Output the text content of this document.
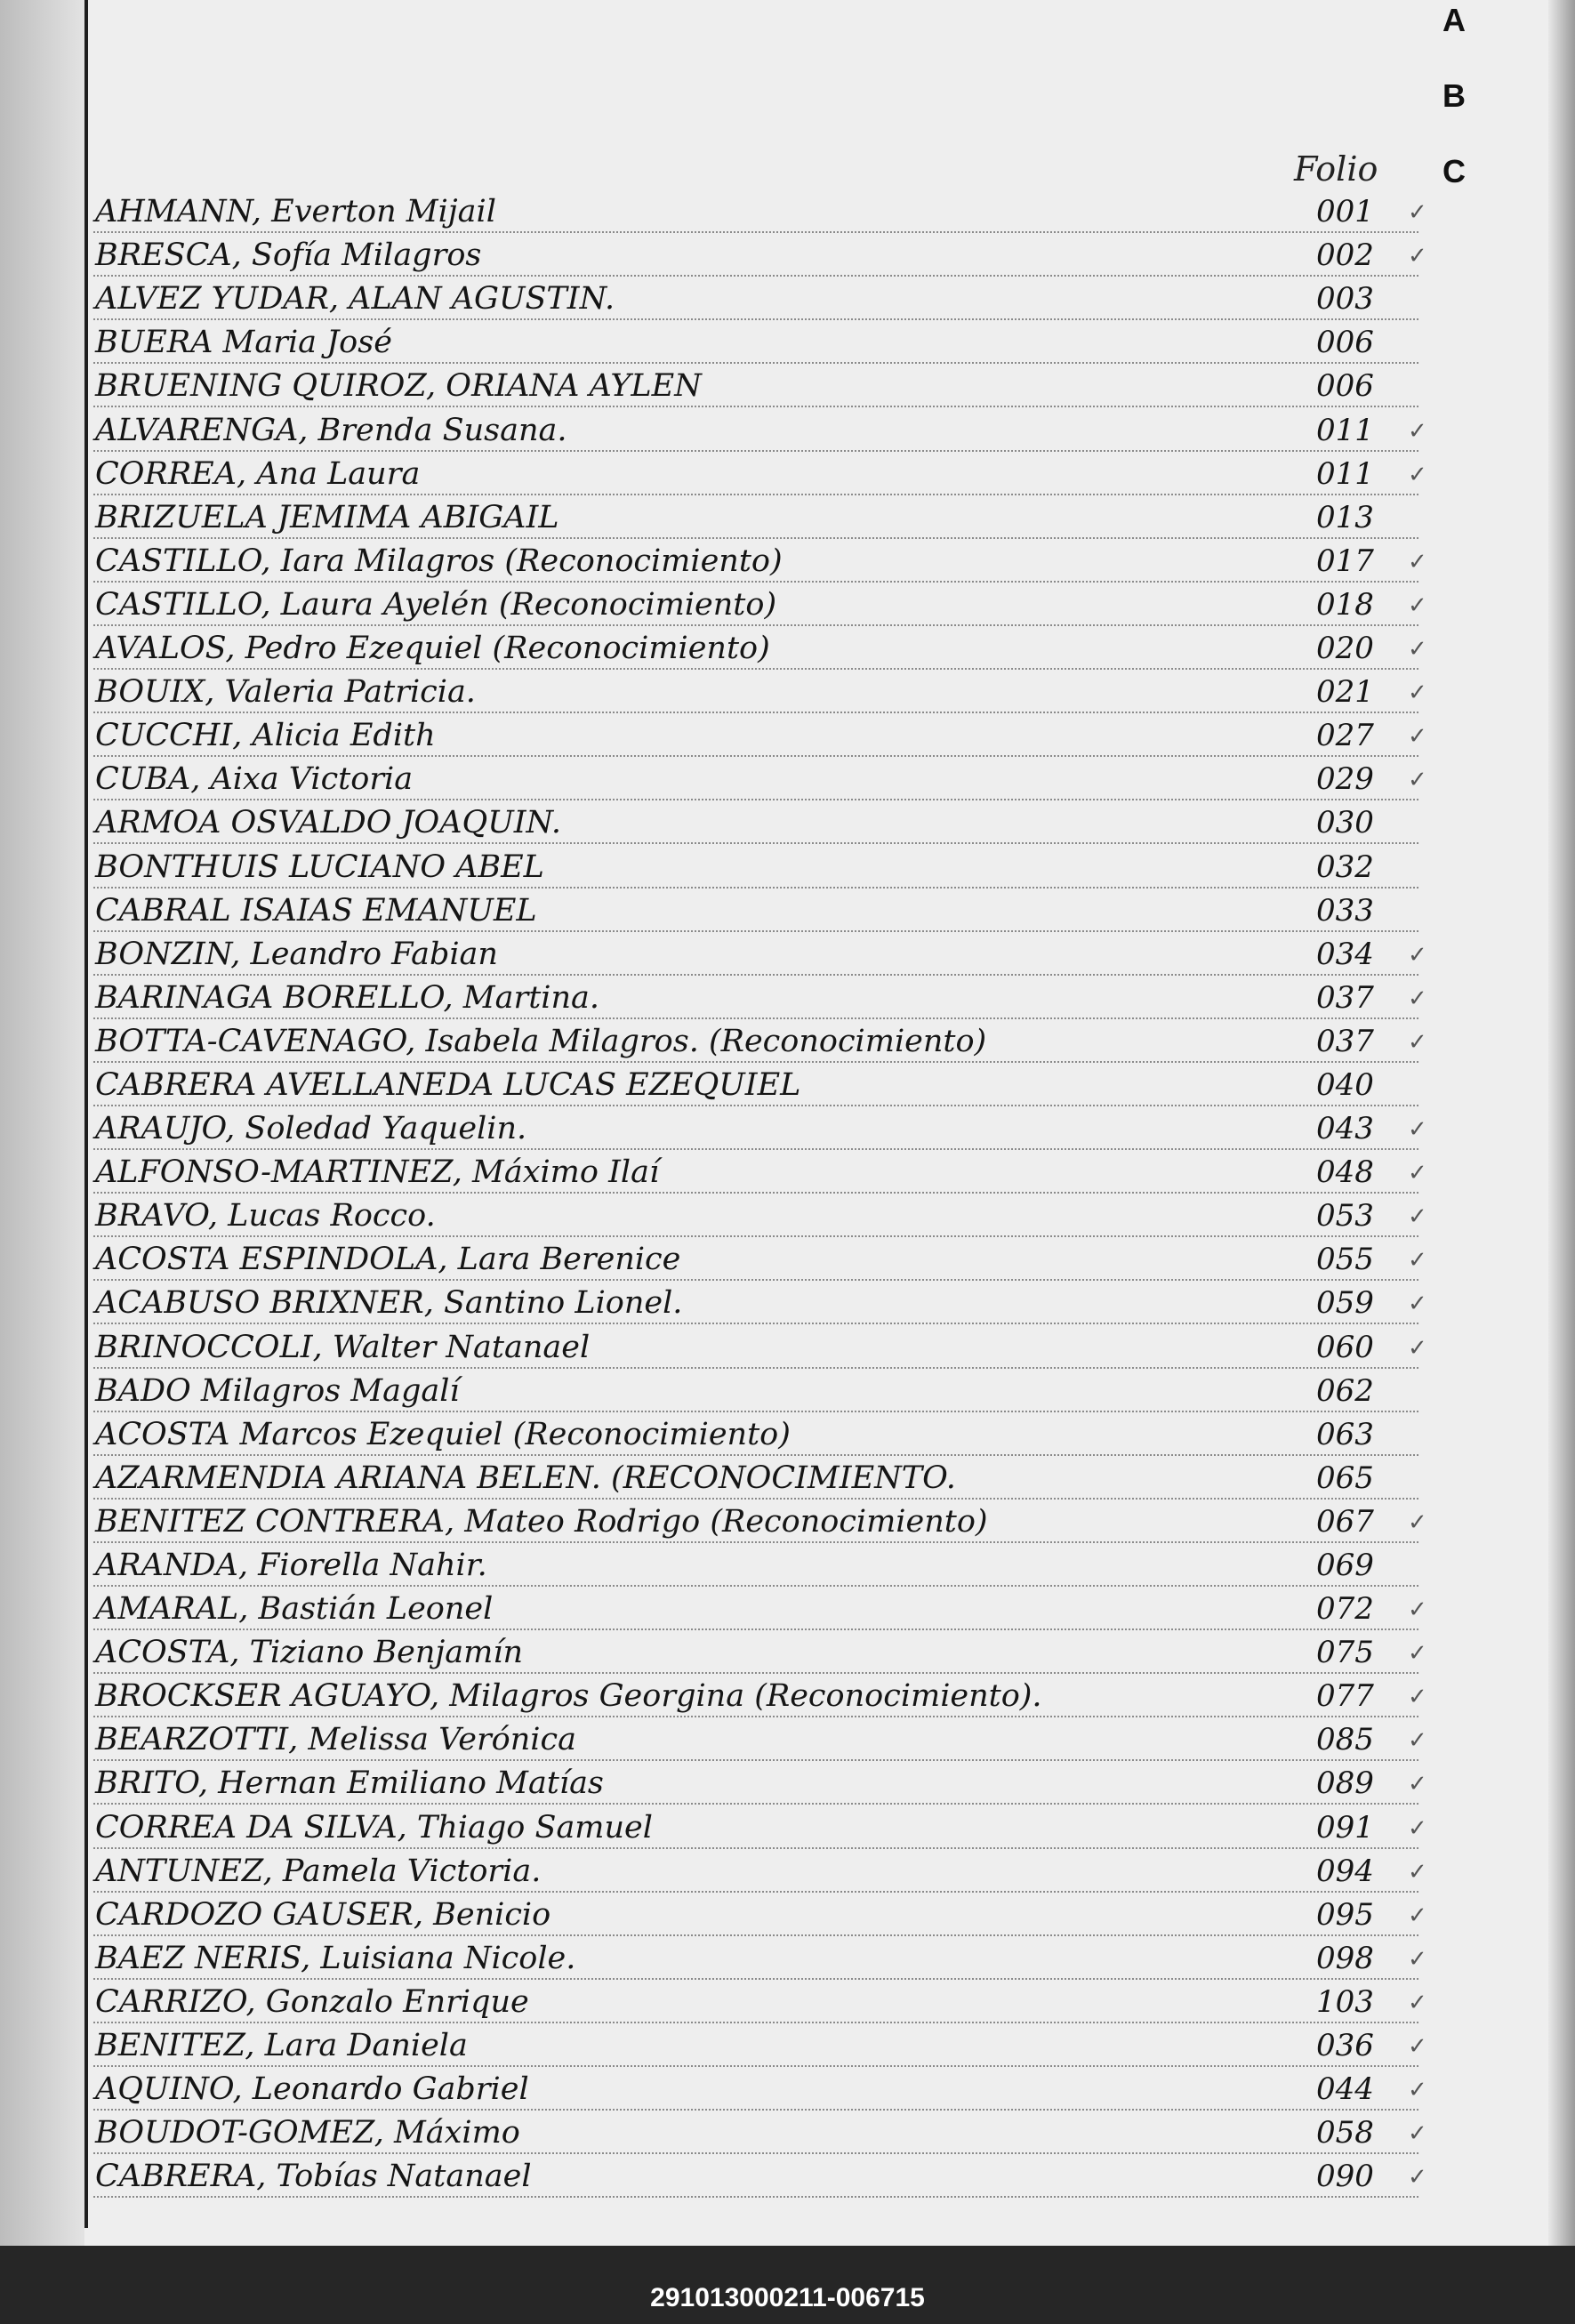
A
B
C
Folio
AHMANN, Everton Mijail	001 ✓
BRESCA, Sofía Milagros	002 ✓
ALVEZ YUDAR, ALAN AGUSTIN.	003
BUERA Maria José	006
BRUENING QUIROZ, ORIANA AYLEN	006
ALVARENGA, Brenda Susana.	011 ✓
CORREA, Ana Laura	011 ✓
BRIZUELA JEMIMA ABIGAIL	013
CASTILLO, Iara Milagros (Reconocimiento)	017 ✓
CASTILLO, Laura Ayelén (Reconocimiento)	018 ✓
AVALOS, Pedro Ezequiel (Reconocimiento)	020 ✓
BOUIX, Valeria Patricia.	021 ✓
CUCCHI, Alicia Edith	027 ✓
CUBA, Aixa Victoria	029 ✓
ARMOA OSVALDO JOAQUIN.	030
BONTHUIS LUCIANO ABEL	032
CABRAL ISAIAS EMANUEL	033
BONZIN, Leandro Fabian	034 ✓
BARINAGA BORELLO, Martina.	037 ✓
BOTTA-CAVENAGO, Isabela Milagros. (Reconocimiento)	037 ✓
CABRERA AVELLANEDA LUCAS EZEQUIEL	040
ARAUJO, Soledad Yaquelin.	043 ✓
ALFONSO-MARTINEZ, Máximo Ilaí	048 ✓
BRAVO, Lucas Rocco.	053 ✓
ACOSTA ESPINDOLA, Lara Berenice	055 ✓
ACABUSO BRIXNER, Santino Lionel.	059 ✓
BRINOCCOLI, Walter Natanael	060 ✓
BADO Milagros Magalí	062
ACOSTA Marcos Ezequiel (Reconocimiento)	063
AZARMENDIA ARIANA BELEN. (RECONOCIMIENTO.	065
BENITEZ CONTRERA, Mateo Rodrigo (Reconocimiento)	067 ✓
ARANDA, Fiorella Nahir.	069
AMARAL, Bastián Leonel	072 ✓
ACOSTA, Tiziano Benjamín	075 ✓
BROCKSER AGUAYO, Milagros Georgina (Reconocimiento).	077 ✓
BEARZOTTI, Melissa Verónica	085 ✓
BRITO, Hernan Emiliano Matías	089 ✓
CORREA DA SILVA, Thiago Samuel	091 ✓
ANTUNEZ, Pamela Victoria.	094 ✓
CARDOZO GAUSER, Benicio	095 ✓
BAEZ NERIS, Luisiana Nicole.	098 ✓
CARRIZO, Gonzalo Enrique	103 ✓
BENITEZ, Lara Daniela	036 ✓
AQUINO, Leonardo Gabriel	044 ✓
BOUDOT-GOMEZ, Máximo	058 ✓
CABRERA, Tobías Natanael	090 ✓
291013000211-006715
